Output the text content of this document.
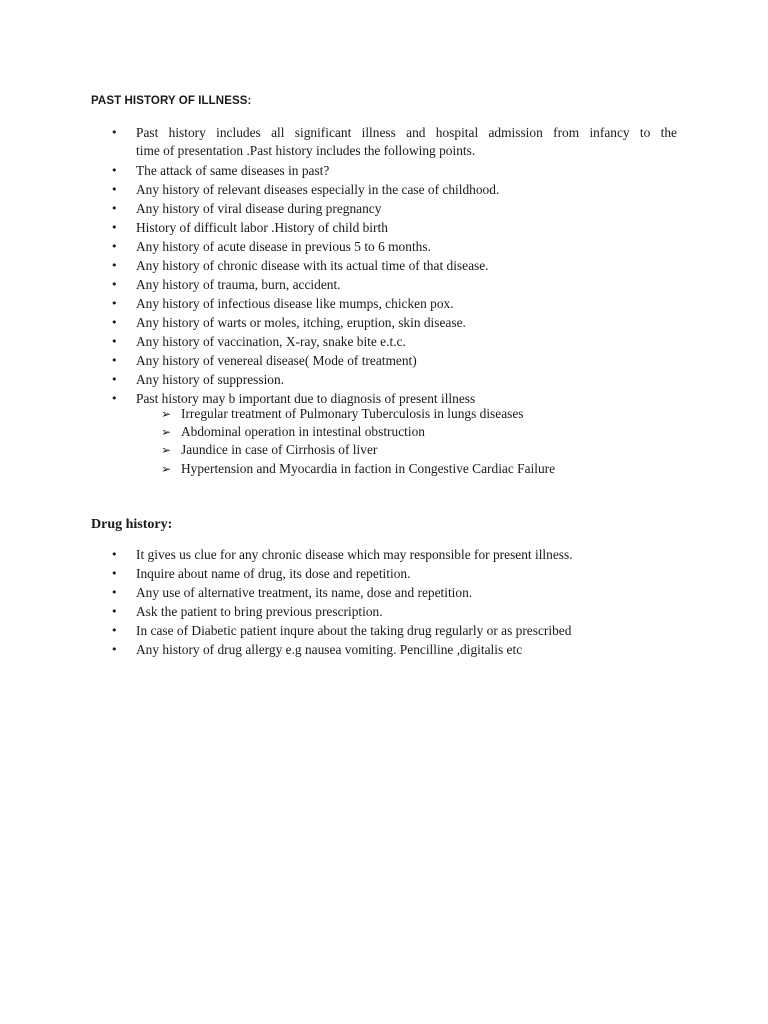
PAST HISTORY OF ILLNESS:
• Past history includes all significant illness and hospital admission from infancy to the
time of presentation .Past history includes the following points.
• The attack of same diseases in past?
• Any history of relevant diseases especially in the case of childhood.
• Any history of viral disease during pregnancy
• History of difficult labor .History of child birth
• Any history of acute disease in previous 5 to 6 months.
• Any history of chronic disease with its actual time of that disease.
• Any history of trauma, burn, accident.
• Any history of infectious disease like mumps, chicken pox.
• Any history of warts or moles, itching, eruption, skin disease.
• Any history of vaccination, X-ray, snake bite e.t.c.
• Any history of venereal disease( Mode of treatment)
• Any history of suppression.
• Past history may b important due to diagnosis of present illness
➢ Irregular treatment of Pulmonary Tuberculosis in lungs diseases
➢ Abdominal operation in intestinal obstruction
➢ Jaundice in case of Cirrhosis of liver
➢ Hypertension and Myocardia in faction in Congestive Cardiac Failure
Drug history:
• It gives us clue for any chronic disease which may responsible for present illness.
• Inquire about name of drug, its dose and repetition.
• Any use of alternative treatment, its name, dose and repetition.
• Ask the patient to bring previous prescription.
• In case of Diabetic patient inqure about the taking drug regularly or as prescribed
• Any history of drug allergy e.g nausea vomiting. Pencilline ,digitalis etc
